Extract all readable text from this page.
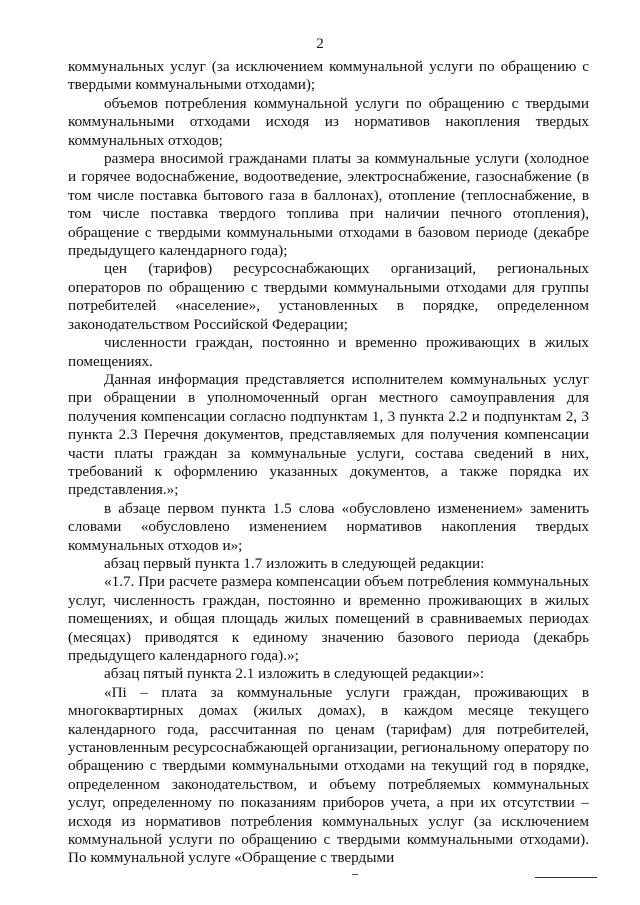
2

коммунальных услуг (за исключением коммунальной услуги по обращению с твердыми коммунальными отходами);

объемов потребления коммунальной услуги по обращению с твердыми коммунальными отходами исходя из нормативов накопления твердых коммунальных отходов;

размера вносимой гражданами платы за коммунальные услуги (холодное и горячее водоснабжение, водоотведение, электроснабжение, газоснабжение (в том числе поставка бытового газа в баллонах), отопление (теплоснабжение, в том числе поставка твердого топлива при наличии печного отопления), обращение с твердыми коммунальными отходами в базовом периоде (декабре предыдущего календарного года);

цен (тарифов) ресурсоснабжающих организаций, региональных операторов по обращению с твердыми коммунальными отходами для группы потребителей «население», установленных в порядке, определенном законодательством Российской Федерации;

численности граждан, постоянно и временно проживающих в жилых помещениях.

Данная информация представляется исполнителем коммунальных услуг при обращении в уполномоченный орган местного самоуправления для получения компенсации согласно подпунктам 1, 3 пункта 2.2 и подпунктам 2, 3 пункта 2.3 Перечня документов, представляемых для получения компенсации части платы граждан за коммунальные услуги, состава сведений в них, требований к оформлению указанных документов, а также порядка их представления.»;

в абзаце первом пункта 1.5 слова «обусловлено изменением» заменить словами «обусловлено изменением нормативов накопления твердых коммунальных отходов и»;

абзац первый пункта 1.7 изложить в следующей редакции:

«1.7. При расчете размера компенсации объем потребления коммунальных услуг, численность граждан, постоянно и временно проживающих в жилых помещениях, и общая площадь жилых помещений в сравниваемых периодах (месяцах) приводятся к единому значению базового периода (декабрь предыдущего календарного года).»;

абзац пятый пункта 2.1 изложить в следующей редакции»:

«Пi – плата за коммунальные услуги граждан, проживающих в многоквартирных домах (жилых домах), в каждом месяце текущего календарного года, рассчитанная по ценам (тарифам) для потребителей, установленным ресурсоснабжающей организации, региональному оператору по обращению с твердыми коммунальными отходами на текущий год в порядке, определенном законодательством, и объему потребляемых коммунальных услуг, определенному по показаниям приборов учета, а при их отсутствии – исходя из нормативов потребления коммунальных услуг (за исключением коммунальной услуги по обращению с твердыми коммунальными отходами). По коммунальной услуге «Обращение с твердыми
